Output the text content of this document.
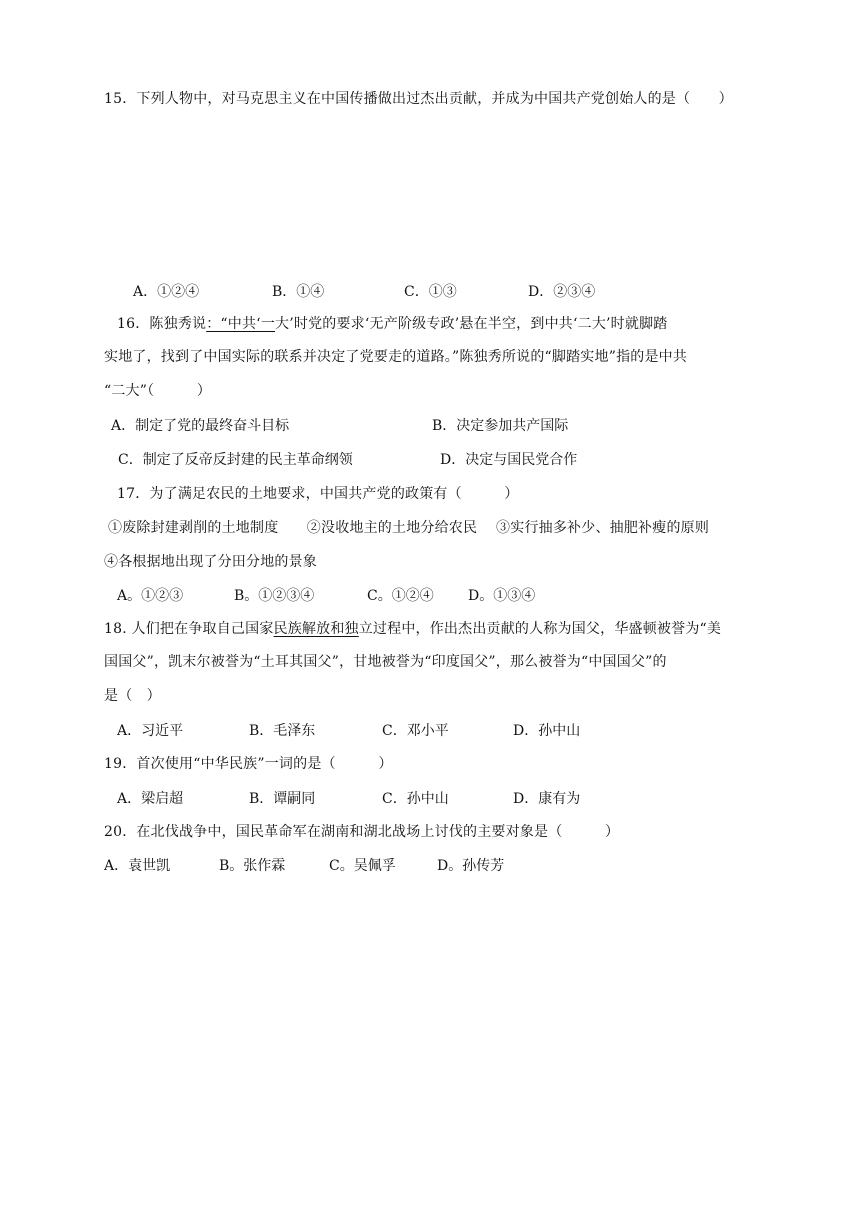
15．下列人物中，对马克思主义在中国传播做出过杰出贡献，并成为中国共产党创始人的是（　　）
A．①②④	B．①④	C．①③	D．②③④
16．陈独秀说：“中共‘一大’时党的要求‘无产阶级专政’悬在半空，到中共‘二大’时就脚踏
实地了，找到了中国实际的联系并决定了党要走的道路。”陈独秀所说的“脚踏实地”指的是中共
“二大”（　　　）
A．制定了党的最终奋斗目标	B．决定参加共产国际
C．制定了反帝反封建的民主革命纲领	D．决定与国民党合作
17．为了满足农民的土地要求，中国共产党的政策有（　　　）
①废除封建剥削的土地制度　　②没收地主的土地分给农民　 ③实行抽多补少、抽肥补瘦的原则
④各根据地出现了分田分地的景象
A。①②③	B。①②③④	C。①②④ D。①③④
18. 人们把在争取自己国家民族解放和独立过程中，作出杰出贡献的人称为国父，华盛顿被誉为“美
国国父”，凯末尔被誉为“土耳其国父”，甘地被誉为“印度国父”，那么被誉为“中国国父”的
是（　）
A．习近平	B．毛泽东	C．邓小平	D．孙中山
19．首次使用“中华民族”一词的是（　　　）
A．梁启超	B．谭嗣同	C．孙中山	D．康有为
20．在北伐战争中，国民革命军在湖南和湖北战场上讨伐的主要对象是（　　　）
A．袁世凯	B。张作霖	C。吴佩孚	D。孙传芳
